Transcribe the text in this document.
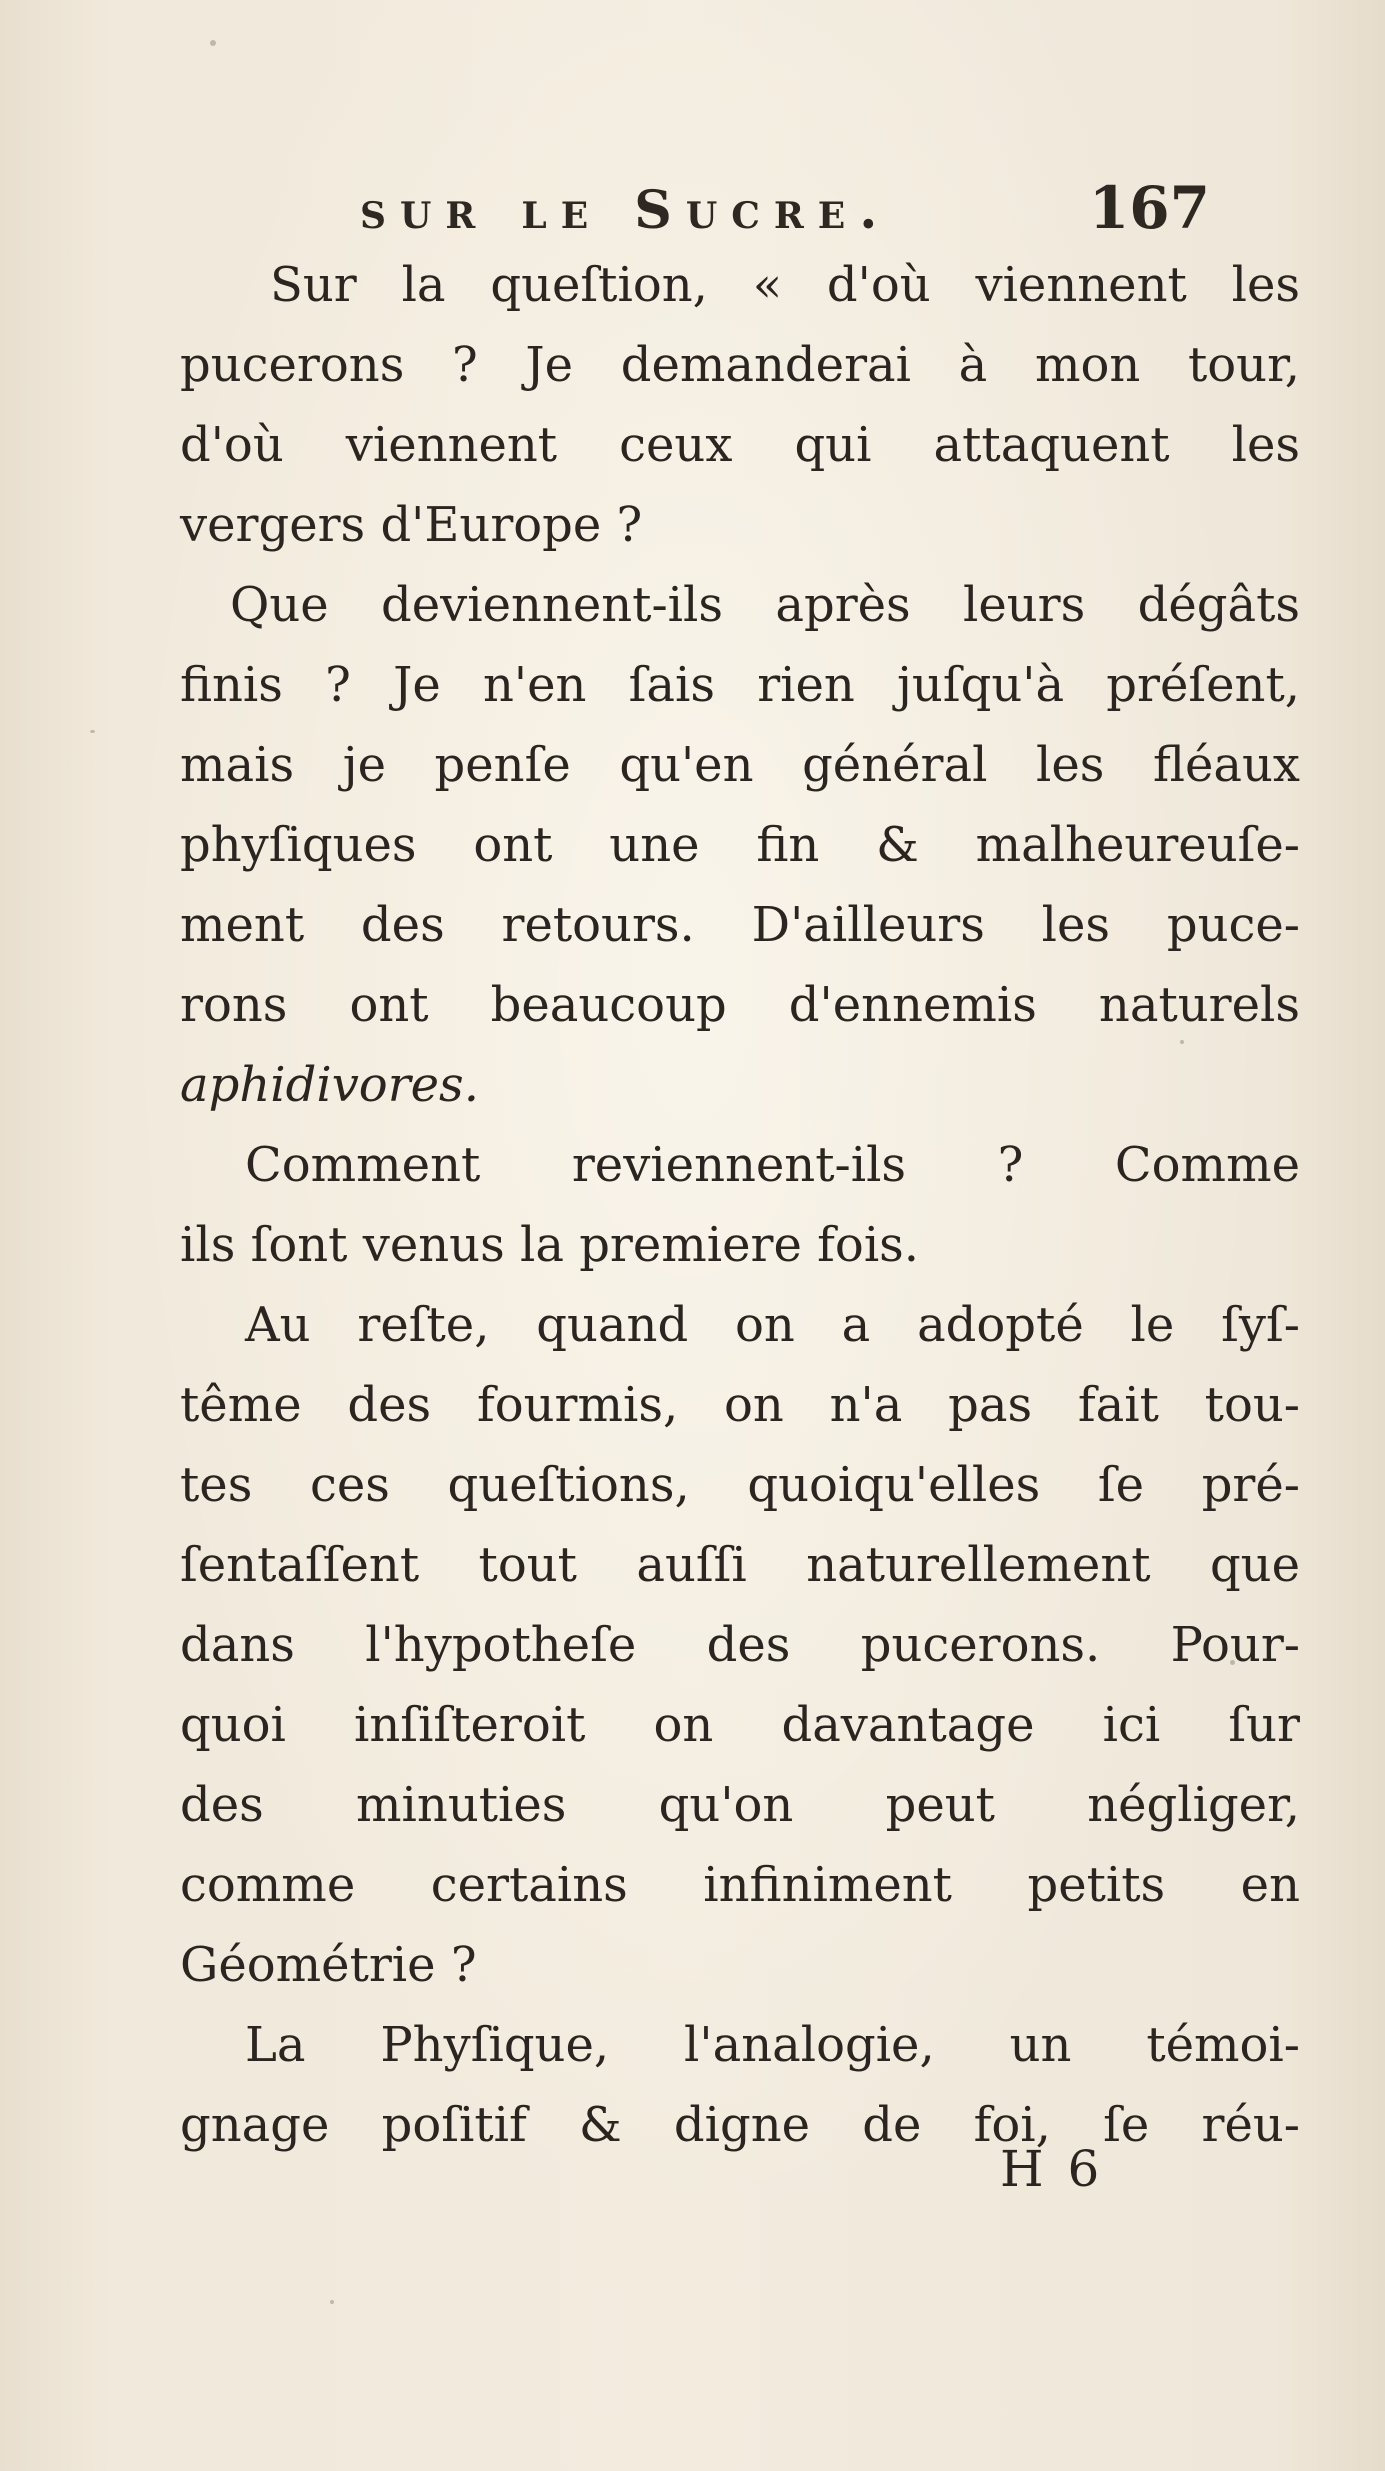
sur le Sucre.	167
Sur la queſtion, « d'où viennent les
pucerons ? Je demanderai à mon tour,
d'où viennent ceux qui attaquent les
vergers d'Europe ?
Que deviennent-ils après leurs dégâts
finis ? Je n'en ſais rien juſqu'à préſent,
mais je penſe qu'en général les fléaux
phyſiques ont une fin & malheureuſe-
ment des retours. D'ailleurs les puce-
rons ont beaucoup d'ennemis naturels
aphidivores.
Comment reviennent-ils ? Comme
ils ſont venus la premiere fois.
Au reſte, quand on a adopté le ſyſ-
tême des fourmis, on n'a pas fait tou-
tes ces queſtions, quoiqu'elles ſe pré-
ſentaſſent tout auſſi naturellement que
dans l'hypotheſe des pucerons. Pour-
quoi inſiſteroit on davantage ici ſur
des minuties qu'on peut négliger,
comme certains infiniment petits en
Géométrie ?
La Phyſique, l'analogie, un témoi-
gnage poſitif & digne de foi, ſe réu-
H 6
